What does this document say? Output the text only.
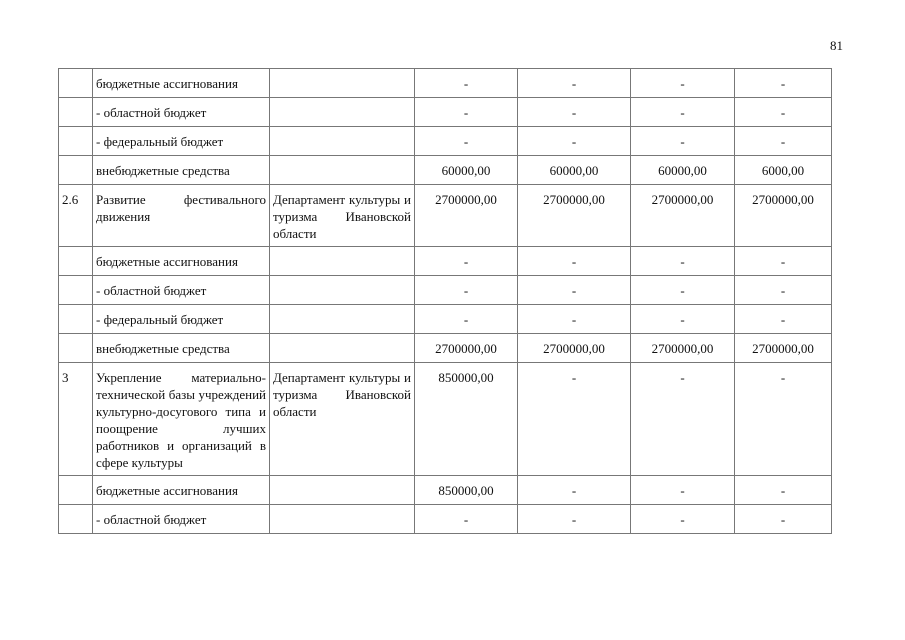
81
	бюджетные ассигнования		-	-	-	-
	- областной бюджет		-	-	-	-
	- федеральный бюджет		-	-	-	-
	внебюджетные средства		60000,00	60000,00	60000,00	6000,00
2.6	Развитие фестивального движения	Департамент культуры и туризма Ивановской области	2700000,00	2700000,00	2700000,00	2700000,00
	бюджетные ассигнования		-	-	-	-
	- областной бюджет		-	-	-	-
	- федеральный бюджет		-	-	-	-
	внебюджетные средства		2700000,00	2700000,00	2700000,00	2700000,00
3	Укрепление материально-технической базы учреждений культурно-досугового типа и поощрение лучших работников и организаций в сфере культуры	Департамент культуры и туризма Ивановской области	850000,00	-	-	-
	бюджетные ассигнования		850000,00	-	-	-
	- областной бюджет		-	-	-	-
